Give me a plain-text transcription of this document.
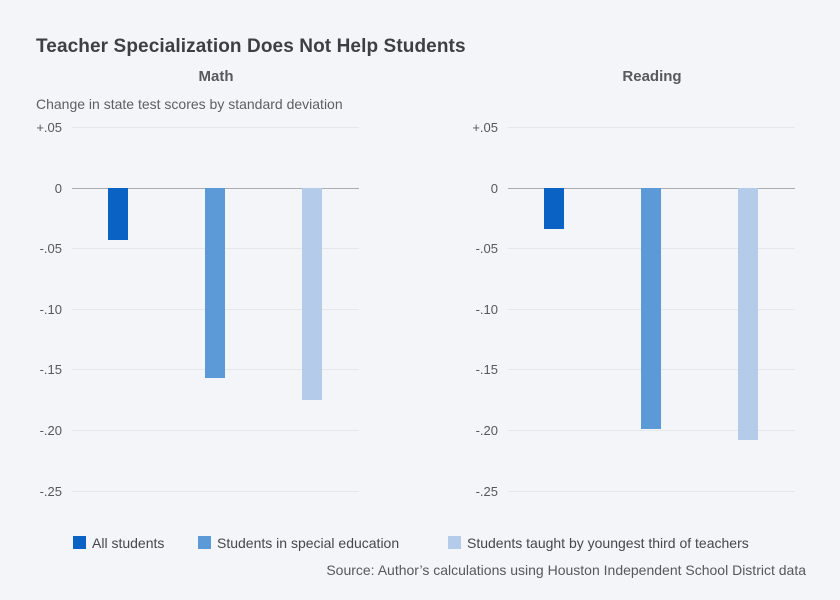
Teacher Specialization Does Not Help Students
Math	Reading
Change in state test scores by standard deviation
+.05
0
-.05
-.10
-.15
-.20
-.25
+.05
0
-.05
-.10
-.15
-.20
-.25
All students	Students in special education	Students taught by youngest third of teachers
Source: Author’s calculations using Houston Independent School District data
